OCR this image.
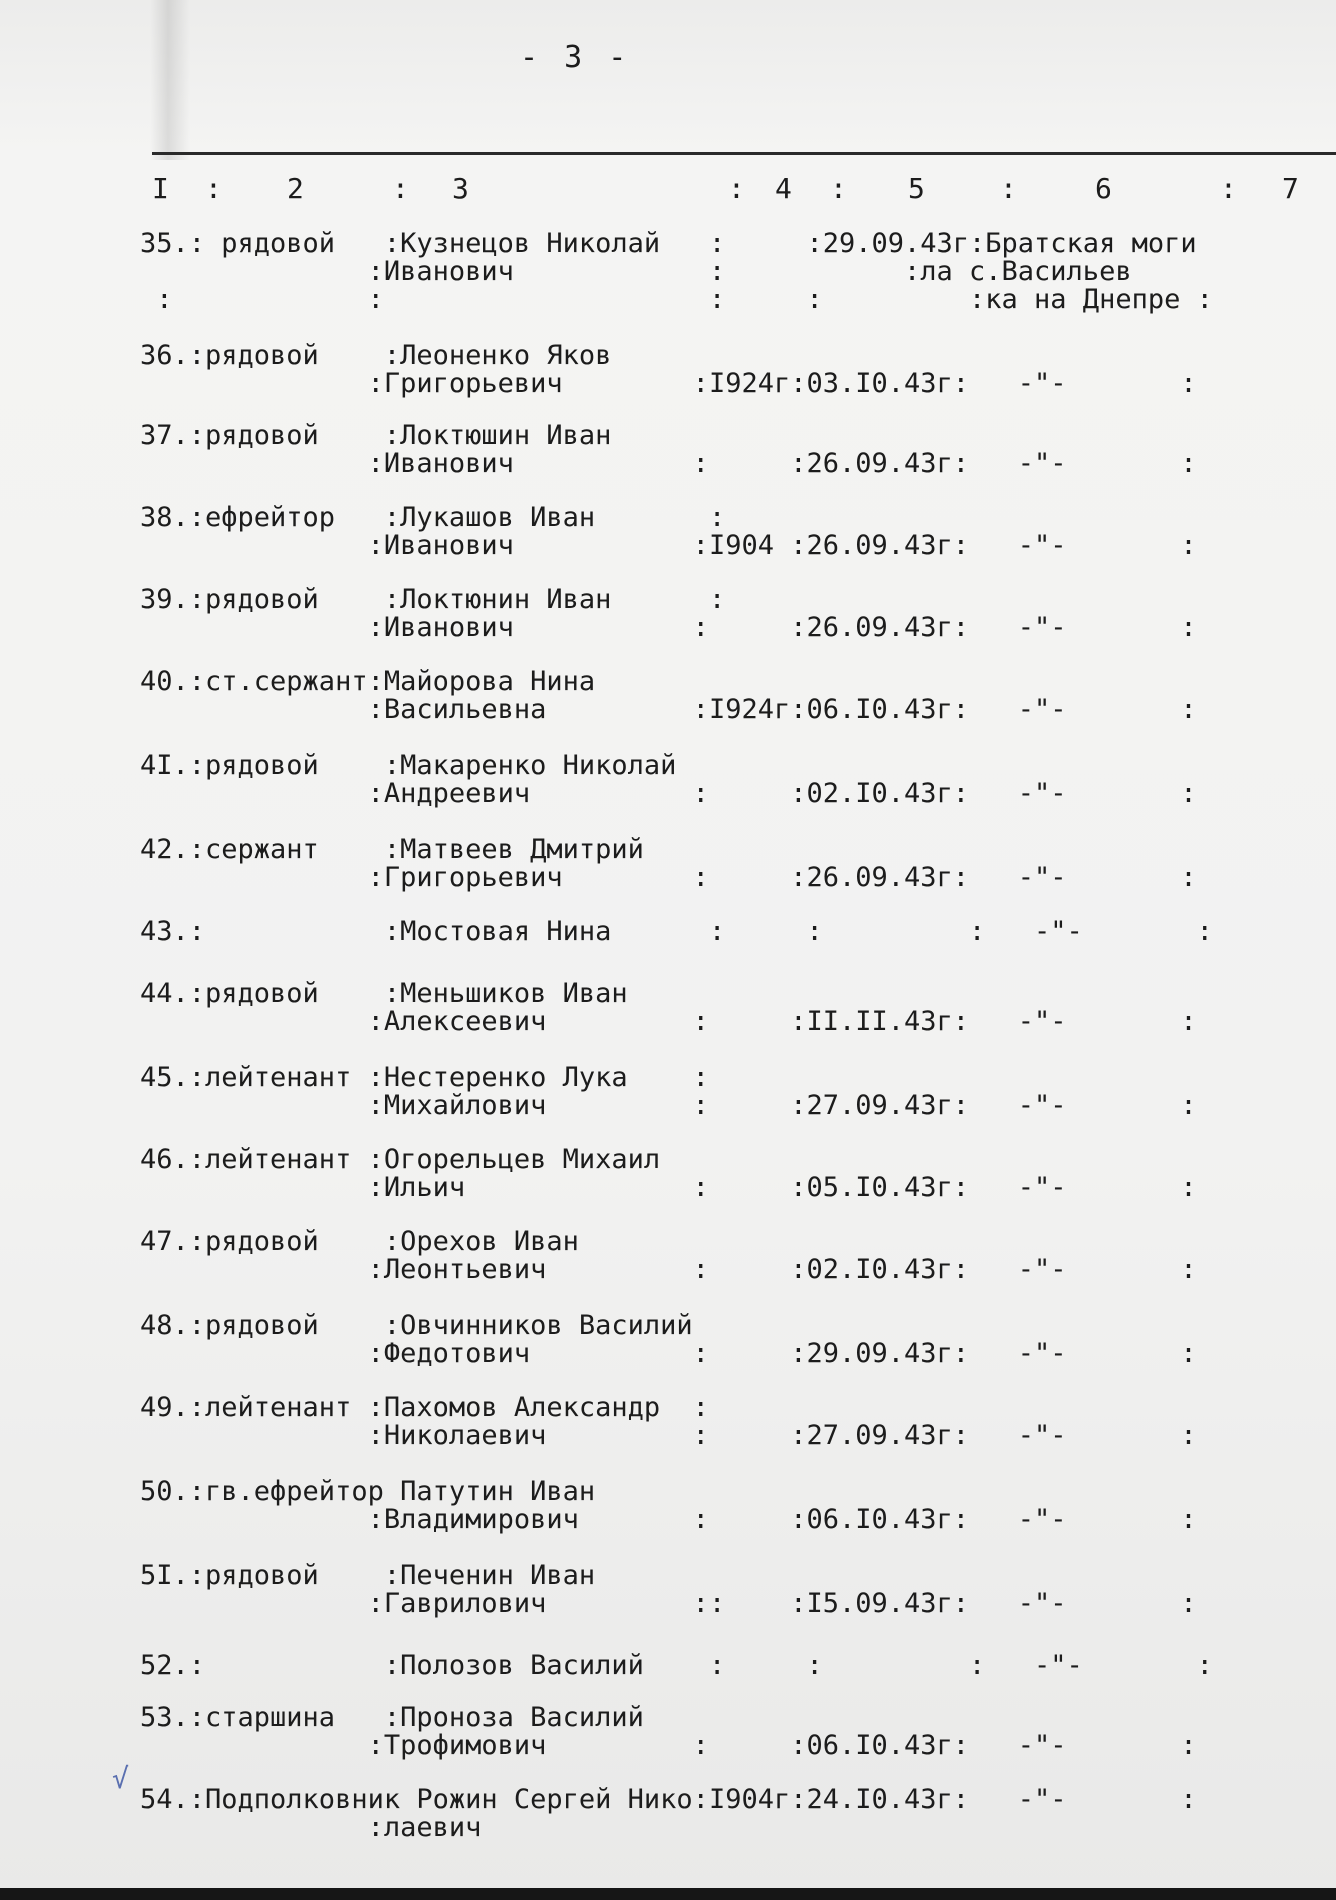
- 3 -
I : 2	: 3	: 4 : 5	:	6	: 7
35.: рядовой   :Кузнецов Николай   :     :29.09.43г:Братская моги
:Иванович            :           :ла с.Васильев
:            :                    :     :         :ка на Днепре :
36.:рядовой    :Леоненко Яков
:Григорьевич        :I924г:03.I0.43г:   -"-       :
37.:рядовой    :Локтюшин Иван
:Иванович           :     :26.09.43г:   -"-       :
38.:ефрейтор   :Лукашов Иван       :
:Иванович           :I904 :26.09.43г:   -"-       :
39.:рядовой    :Локтюнин Иван      :
:Иванович           :     :26.09.43г:   -"-       :
40.:ст.сержант:Майорова Нина
:Васильевна         :I924г:06.I0.43г:   -"-       :
4I.:рядовой    :Макаренко Николай
:Андреевич          :     :02.I0.43г:   -"-       :
42.:сержант    :Матвеев Дмитрий
:Григорьевич        :     :26.09.43г:   -"-       :
43.:           :Мостовая Нина      :     :         :   -"-       :
44.:рядовой    :Меньшиков Иван
:Алексеевич         :     :II.II.43г:   -"-       :
45.:лейтенант :Нестеренко Лука    :
:Михайлович         :     :27.09.43г:   -"-       :
46.:лейтенант :Огорельцев Михаил
:Ильич              :     :05.I0.43г:   -"-       :
47.:рядовой    :Орехов Иван
:Леонтьевич         :     :02.I0.43г:   -"-       :
48.:рядовой    :Овчинников Василий
:Федотович          :     :29.09.43г:   -"-       :
49.:лейтенант :Пахомов Александр  :
:Николаевич         :     :27.09.43г:   -"-       :
50.:гв.ефрейтор Патутин Иван
:Владимирович       :     :06.I0.43г:   -"-       :
5I.:рядовой    :Печенин Иван
:Гаврилович         ::    :I5.09.43г:   -"-       :
52.:           :Полозов Василий    :     :         :   -"-       :
53.:старшина   :Проноза Василий
:Трофимович         :     :06.I0.43г:   -"-       :
54.:Подполковник Рожин Сергей Нико:I904г:24.I0.43г:   -"-       :
:лаевич
√
